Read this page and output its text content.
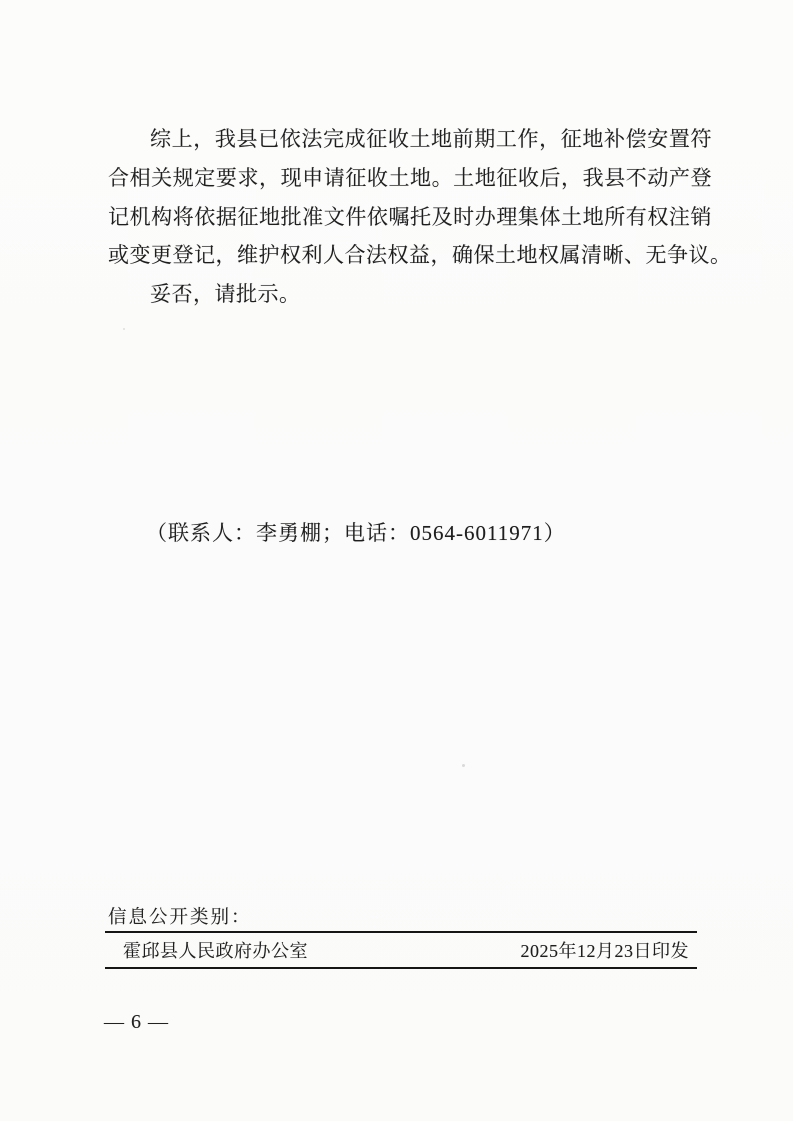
综上，我县已依法完成征收土地前期工作，征地补偿安置符
合相关规定要求，现申请征收土地。土地征收后，我县不动产登
记机构将依据征地批准文件依嘱托及时办理集体土地所有权注销
或变更登记，维护权利人合法权益，确保土地权属清晰、无争议。
妥否，请批示。
（联系人：李勇棚；电话：0564-6011971）
信息公开类别：
霍邱县人民政府办公室	2025年12月23日印发
— 6 —
